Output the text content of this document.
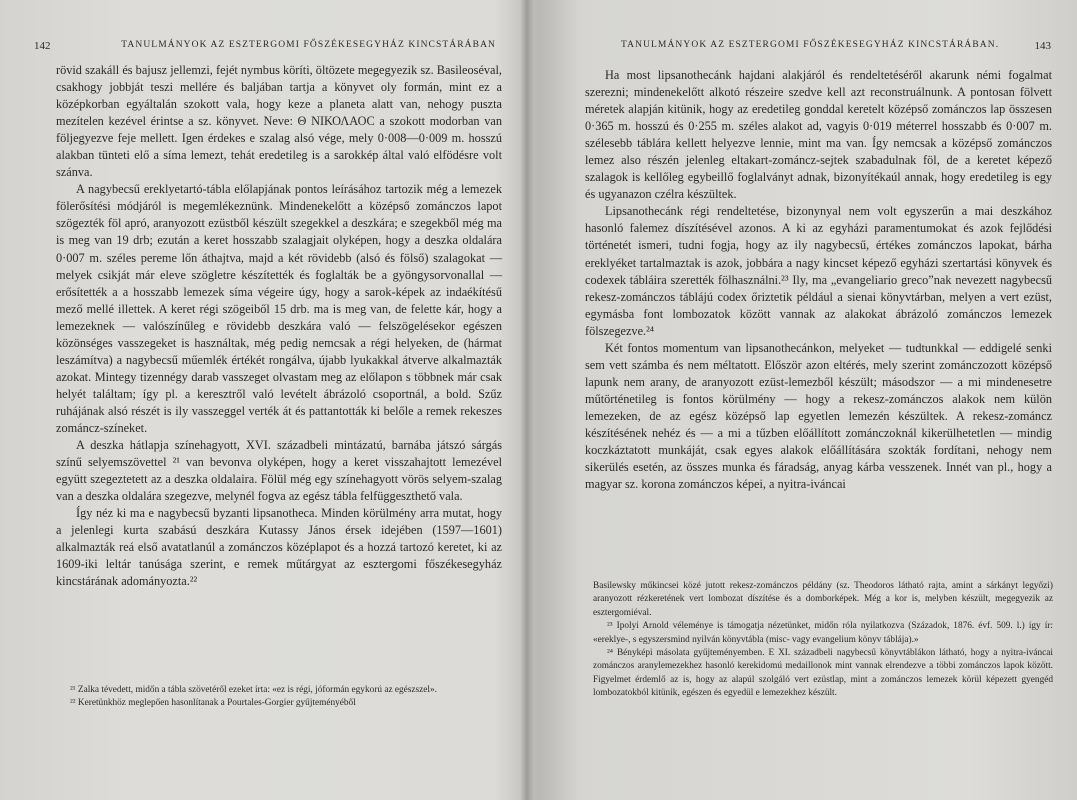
142	TANULMÁNYOK AZ ESZTERGOMI FŐSZÉKESEGYHÁZ KINCSTÁRÁBAN

rövid szakáll és bajusz jellemzi, fejét nymbus köríti, öltözete megegyezik sz. Basileoséval, csakhogy jobbját teszi mellére és baljában tartja a könyvet oly formán, mint ez a középkorban egyáltalán szokott vala, hogy keze a planeta alatt van, nehogy puszta mezítelen kezével érintse a sz. könyvet. Neve: Θ ΝΙΚΟΛΑΟC a szokott modorban van följegyezve feje mellett. Igen érdekes e szalag alsó vége, mely 0·008—0·009 m. hosszú alakban tünteti elő a síma lemezt, tehát eredetileg is a sarokkép által való elfödésre volt szánva.

A nagybecsű ereklyetartó-tábla előlapjának pontos leírásához tartozik még a lemezek fölerősítési módjáról is megemlékeznünk. Mindenekelőtt a középső zománczos lapot szögezték föl apró, aranyozott ezüstből készült szegekkel a deszkára; e szegekből még ma is meg van 19 drb; ezután a keret hosszabb szalagjait olyképen, hogy a deszka oldalára 0·007 m. széles pereme lőn áthajtva, majd a két rövidebb (alsó és fölső) szalagokat — melyek csikját már eleve szögletre készítették és foglalták be a gyöngysorvonallal — erősítették a a hosszabb lemezek síma végeire úgy, hogy a sarok-képek az indaékítésű mező mellé illettek. A keret régi szögeiből 15 drb. ma is meg van, de felette kár, hogy a lemezeknek — valószínűleg e rövidebb deszkára való — felszögelésekor egészen közönséges vasszegeket is használtak, még pedig nemcsak a régi helyeken, de (hármat leszámítva) a nagybecsű műemlék értékét rongálva, újabb lyukakkal átverve alkalmazták azokat. Mintegy tizennégy darab vasszeget olvastam meg az előlapon s többnek már csak helyét találtam; így pl. a keresztről való levételt ábrázoló csoportnál, a bold. Szűz ruhájának alsó részét is ily vasszeggel verték át és pattantották ki belőle a remek rekeszes zománcz-színeket.

A deszka hátlapja színehagyott, XVI. századbeli mintázatú, barnába játszó sárgás színű selyemszövettel ²¹ van bevonva olyképen, hogy a keret visszahajtott lemezével együtt szegeztetett az a deszka oldalaira. Fölül még egy színehagyott vörös selyem-szalag van a deszka oldalára szegezve, melynél fogva az egész tábla felfüggeszthető vala.

Így néz ki ma e nagybecsű byzanti lipsanotheca. Minden körülmény arra mutat, hogy a jelenlegi kurta szabású deszkára Kutassy János érsek idejében (1597—1601) alkalmazták reá első avatatlanúl a zománczos középlapot és a hozzá tartozó keretet, ki az 1609-iki leltár tanúsága szerint, e remek műtárgyat az esztergomi főszékesegyház kincstárának adományozta.²²

²¹ Zalka tévedett, midőn a tábla szövetéről ezeket írta: «ez is régi, jóformán egykorú az egészszel».

²² Keretünkhöz meglepően hasonlítanak a Pourtales-Gorgier gyűjteményéből

TANULMÁNYOK AZ ESZTERGOMI FŐSZÉKESEGYHÁZ KINCSTÁRÁBAN.	143

Ha most lipsanothecánk hajdani alakjáról és rendeltetéséről akarunk némi fogalmat szerezni; mindenekelőtt alkotó részeire szedve kell azt reconstruálnunk. A pontosan fölvett méretek alapján kitünik, hogy az eredetileg gonddal keretelt középső zománczos lap összesen 0·365 m. hosszú és 0·255 m. széles alakot ad, vagyis 0·019 méterrel hosszabb és 0·007 m. szélesebb táblára kellett helyezve lennie, mint ma van. Így nemcsak a középső zománczos lemez also részén jelenleg eltakart-zománcz-sejtek szabadulnak föl, de a keretet képező szalagok is kellőleg egybeillő foglalványt adnak, bizonyítéka​úl annak, hogy eredetileg is egy és ugyanazon czélra készültek.

Lipsanothecánk régi rendeltetése, bizonynyal nem volt egyszerűn a mai deszkához hasonló falemez díszítésével azonos. A ki az egyházi paramentumokat és azok fejlődési történetét ismeri, tudni fogja, hogy az ily nagybecsű, értékes zománczos lapokat, bárha ereklyéket tartalmaztak is azok, jobbára a nagy kincset képező egyházi szertartási könyvek és codexek tábláira szerették fölhasználni.²³ Ily, ma „evangeliario greco”nak nevezett nagybecsű rekesz-zománczos táblájú codex őriztetik például a sienai könyvtárban, melyen a vert ezüst, egymásba font lombozatok között vannak az alakokat ábrázoló zománczos lemezek fölszegezve.²⁴

Két fontos momentum van lipsanothecánkon, melyeket — tudtunkkal — eddigelé senki sem vett számba és nem méltatott. Először azon eltérés, mely szerint zománczozott középső lapunk nem arany, de aranyozott ezüst-lemezből készült; másodszor — a mi mindenesetre műtörténetileg is fontos körülmény — hogy a rekesz-zománczos alakok nem külön lemezeken, de az egész középső lap egyetlen lemezén készültek. A rekesz-zománcz készítésének nehéz és — a mi a tűzben előállított zománczoknál kikerülhetetlen — mindig koczkáztatott munkáját, csak egyes alakok előállítására szokták fordítani, nehogy nem sikerülés esetén, az összes munka és fáradság, anyag kárba vesszenek. Innét van pl., hogy a magyar sz. korona zománczos képei, a nyitra-iváncai

Basilewsky műkincsei közé jutott rekesz-zománczos példány (sz. Theodoros látható rajta, amint a sárkányt legyőzi) aranyozott rézkeretének vert lombozat díszítése és a domborképek. Még a kor is, melyben készült, megegyezik az esztergomiéval.

²³ Ipolyi Arnold véleménye is támogatja nézetünket, midőn róla nyilatkozva (Századok, 1876. évf. 509. l.) így ír: «ereklye-, s egyszersmind nyilván könyvtábla (misc- vagy evangelium könyv táblája).»

²⁴ Bényképi másolata gyűjteményemben. E XI. századbeli nagybecsű könyvtáblákon látható, hogy a nyitra-iváncai zománczos aranylemezekhez hasonló kerekidomú medaillonok mint vannak elrendezve a többi zománczos lapok között. Figyelmet érdemlő az is, hogy az alapúl szolgáló vert ezüstlap, mint a zománczos lemezek körül képezett gyengéd lombozatokból kitünik, egészen és egyedül e lemezekhez készült.
